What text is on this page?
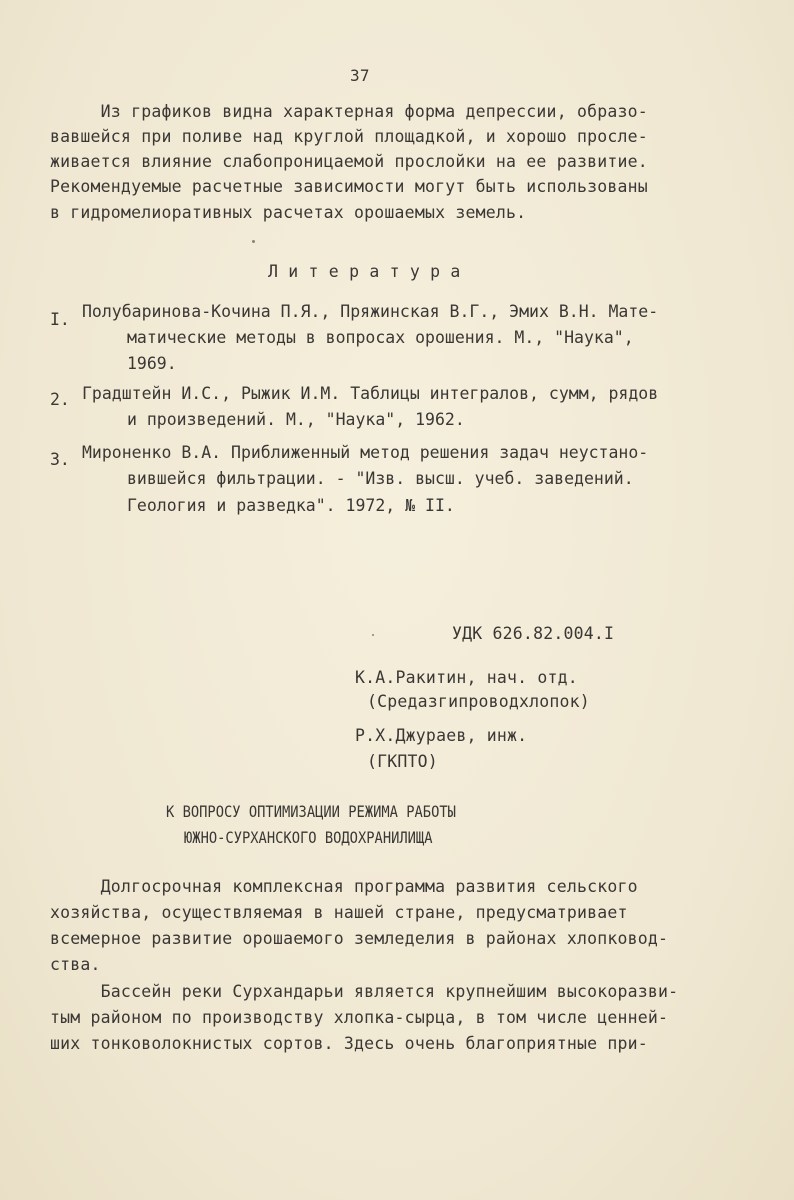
37
Из графиков видна характерная форма депрессии, образо-
вавшейся при поливе над круглой площадкой, и хорошо просле-
живается влияние слабопроницаемой прослойки на ее развитие.
Рекомендуемые расчетные зависимости могут быть использованы
в гидромелиоративных расчетах орошаемых земель.
Л и т е р а т у р а
I. Полубаринова-Кочина П.Я., Пряжинская В.Г., Эмих В.Н. Мате-
матические методы в вопросах орошения. М., "Наука",
1969.
2. Градштейн И.С., Рыжик И.М. Таблицы интегралов, сумм, рядов
и произведений. М., "Наука", 1962.
3. Мироненко В.А. Приближенный метод решения задач неустано-
вившейся фильтрации. - "Изв. высш. учеб. заведений.
Геология и разведка". 1972, № II.
УДК 626.82.004.I
К.А.Ракитин, нач. отд.
(Средазгипроводхлопок)
Р.Х.Джураев, инж.
(ГКПТО)
К ВОПРОСУ ОПТИМИЗАЦИИ РЕЖИМА РАБОТЫ
ЮЖНО-СУРХАНСКОГО ВОДОХРАНИЛИЩА
Долгосрочная комплексная программа развития сельского
хозяйства, осуществляемая в нашей стране, предусматривает
всемерное развитие орошаемого земледелия в районах хлопковод-
ства.
Бассейн реки Сурхандарьи является крупнейшим высокоразви-
тым районом по производству хлопка-сырца, в том числе ценней-
ших тонковолокнистых сортов. Здесь очень благоприятные при-
